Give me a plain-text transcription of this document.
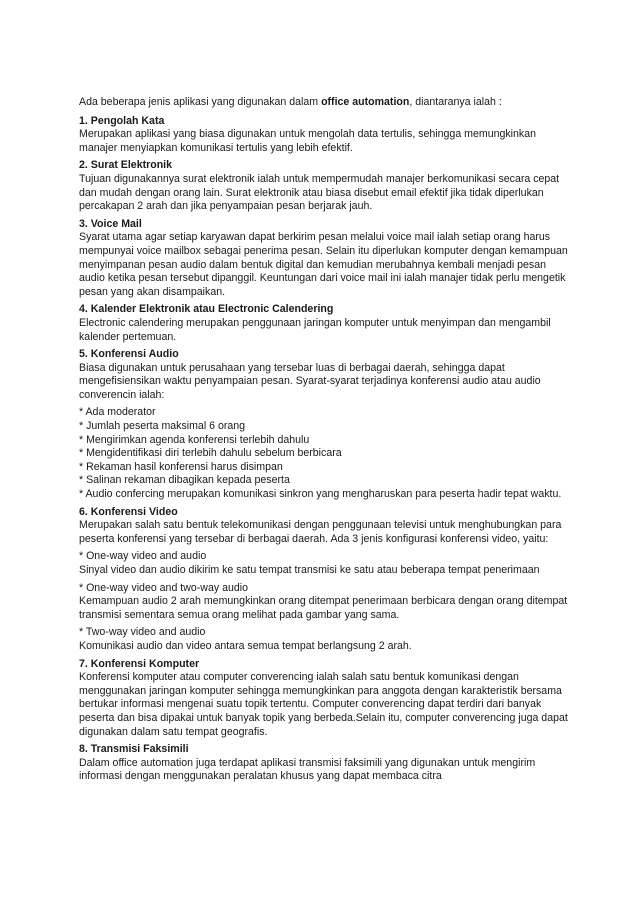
Ada beberapa jenis aplikasi yang digunakan dalam office automation, diantaranya ialah :

1. Pengolah Kata

Merupakan aplikasi yang biasa digunakan untuk mengolah data tertulis, sehingga memungkinkan manajer menyiapkan komunikasi tertulis yang lebih efektif.

2. Surat Elektronik

Tujuan digunakannya surat elektronik ialah untuk mempermudah manajer berkomunikasi secara cepat dan mudah dengan orang lain. Surat elektronik atau biasa disebut email efektif jika tidak diperlukan percakapan 2 arah dan jika penyampaian pesan berjarak jauh.

3. Voice Mail

Syarat utama agar setiap karyawan dapat berkirim pesan melalui voice mail ialah setiap orang harus mempunyai voice mailbox sebagai penerima pesan. Selain itu diperlukan komputer dengan kemampuan menyimpanan pesan audio dalam bentuk digital dan kemudian merubahnya kembali menjadi pesan audio ketika pesan tersebut dipanggil. Keuntungan dari voice mail ini ialah manajer tidak perlu mengetik pesan yang akan disampaikan.

4. Kalender Elektronik atau Electronic Calendering

Electronic calendering merupakan penggunaan jaringan komputer untuk menyimpan dan mengambil kalender pertemuan.

5. Konferensi Audio

Biasa digunakan untuk perusahaan yang tersebar luas di berbagai daerah, sehingga dapat mengefisiensikan waktu penyampaian pesan. Syarat-syarat terjadinya konferensi audio atau audio converencin ialah:

* Ada moderator
* Jumlah peserta maksimal 6 orang
* Mengirimkan agenda konferensi terlebih dahulu
* Mengidentifikasi diri terlebih dahulu sebelum berbicara
* Rekaman hasil konferensi harus disimpan
* Salinan rekaman dibagikan kepada peserta
* Audio confercing merupakan komunikasi sinkron yang mengharuskan para peserta hadir tepat waktu.

6. Konferensi Video

Merupakan salah satu bentuk telekomunikasi dengan penggunaan televisi untuk menghubungkan para peserta konferensi yang tersebar di berbagai daerah. Ada 3 jenis konfigurasi konferensi video, yaitu:

* One-way video and audio

Sinyal video dan audio dikirim ke satu tempat transmisi ke satu atau beberapa tempat penerimaan

* One-way video and two-way audio

Kemampuan audio 2 arah memungkinkan orang ditempat penerimaan berbicara dengan orang ditempat transmisi sementara semua orang melihat pada gambar yang sama.

* Two-way video and audio

Komunikasi audio dan video antara semua tempat berlangsung 2 arah.

7. Konferensi Komputer

Konferensi komputer atau computer converencing ialah salah satu bentuk komunikasi dengan menggunakan jaringan komputer sehingga memungkinkan para anggota dengan karakteristik bersama bertukar informasi mengenai suatu topik tertentu. Computer converencing dapat terdiri dari banyak peserta dan bisa dipakai untuk banyak topik yang berbeda.Selain itu, computer converencing juga dapat digunakan dalam satu tempat geografis.

8. Transmisi Faksimili

Dalam office automation juga terdapat aplikasi transmisi faksimili yang digunakan untuk mengirim informasi dengan menggunakan peralatan khusus yang dapat membaca citra
